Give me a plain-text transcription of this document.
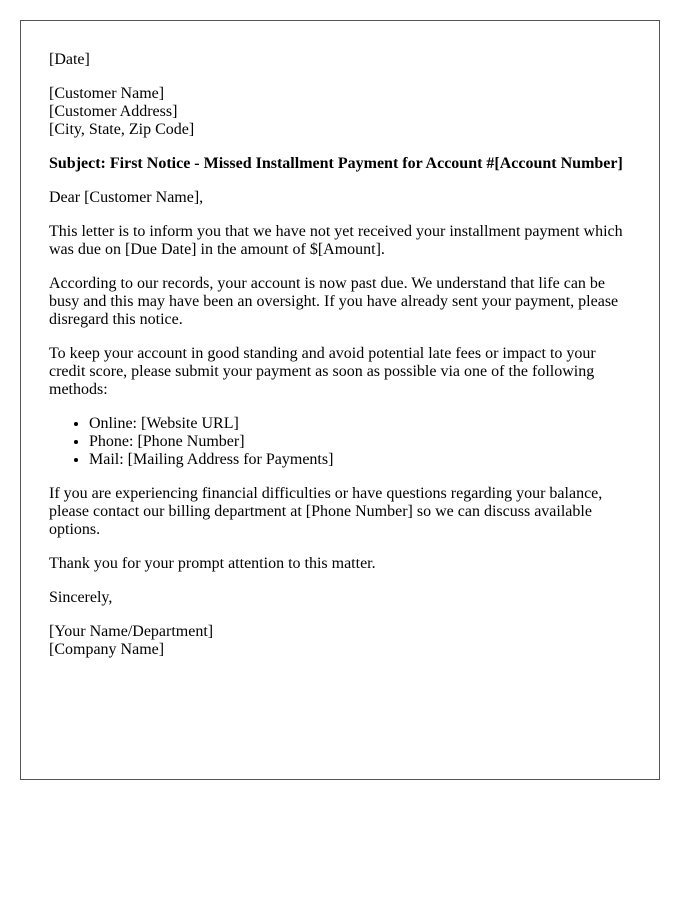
[Date]
[Customer Name]
[Customer Address]
[City, State, Zip Code]
Subject: First Notice - Missed Installment Payment for Account #[Account Number]
Dear [Customer Name],
This letter is to inform you that we have not yet received your installment payment which was due on [Due Date] in the amount of $[Amount].
According to our records, your account is now past due. We understand that life can be busy and this may have been an oversight. If you have already sent your payment, please disregard this notice.
To keep your account in good standing and avoid potential late fees or impact to your credit score, please submit your payment as soon as possible via one of the following methods:
• Online: [Website URL]
• Phone: [Phone Number]
• Mail: [Mailing Address for Payments]
If you are experiencing financial difficulties or have questions regarding your balance, please contact our billing department at [Phone Number] so we can discuss available options.
Thank you for your prompt attention to this matter.
Sincerely,
[Your Name/Department]
[Company Name]
